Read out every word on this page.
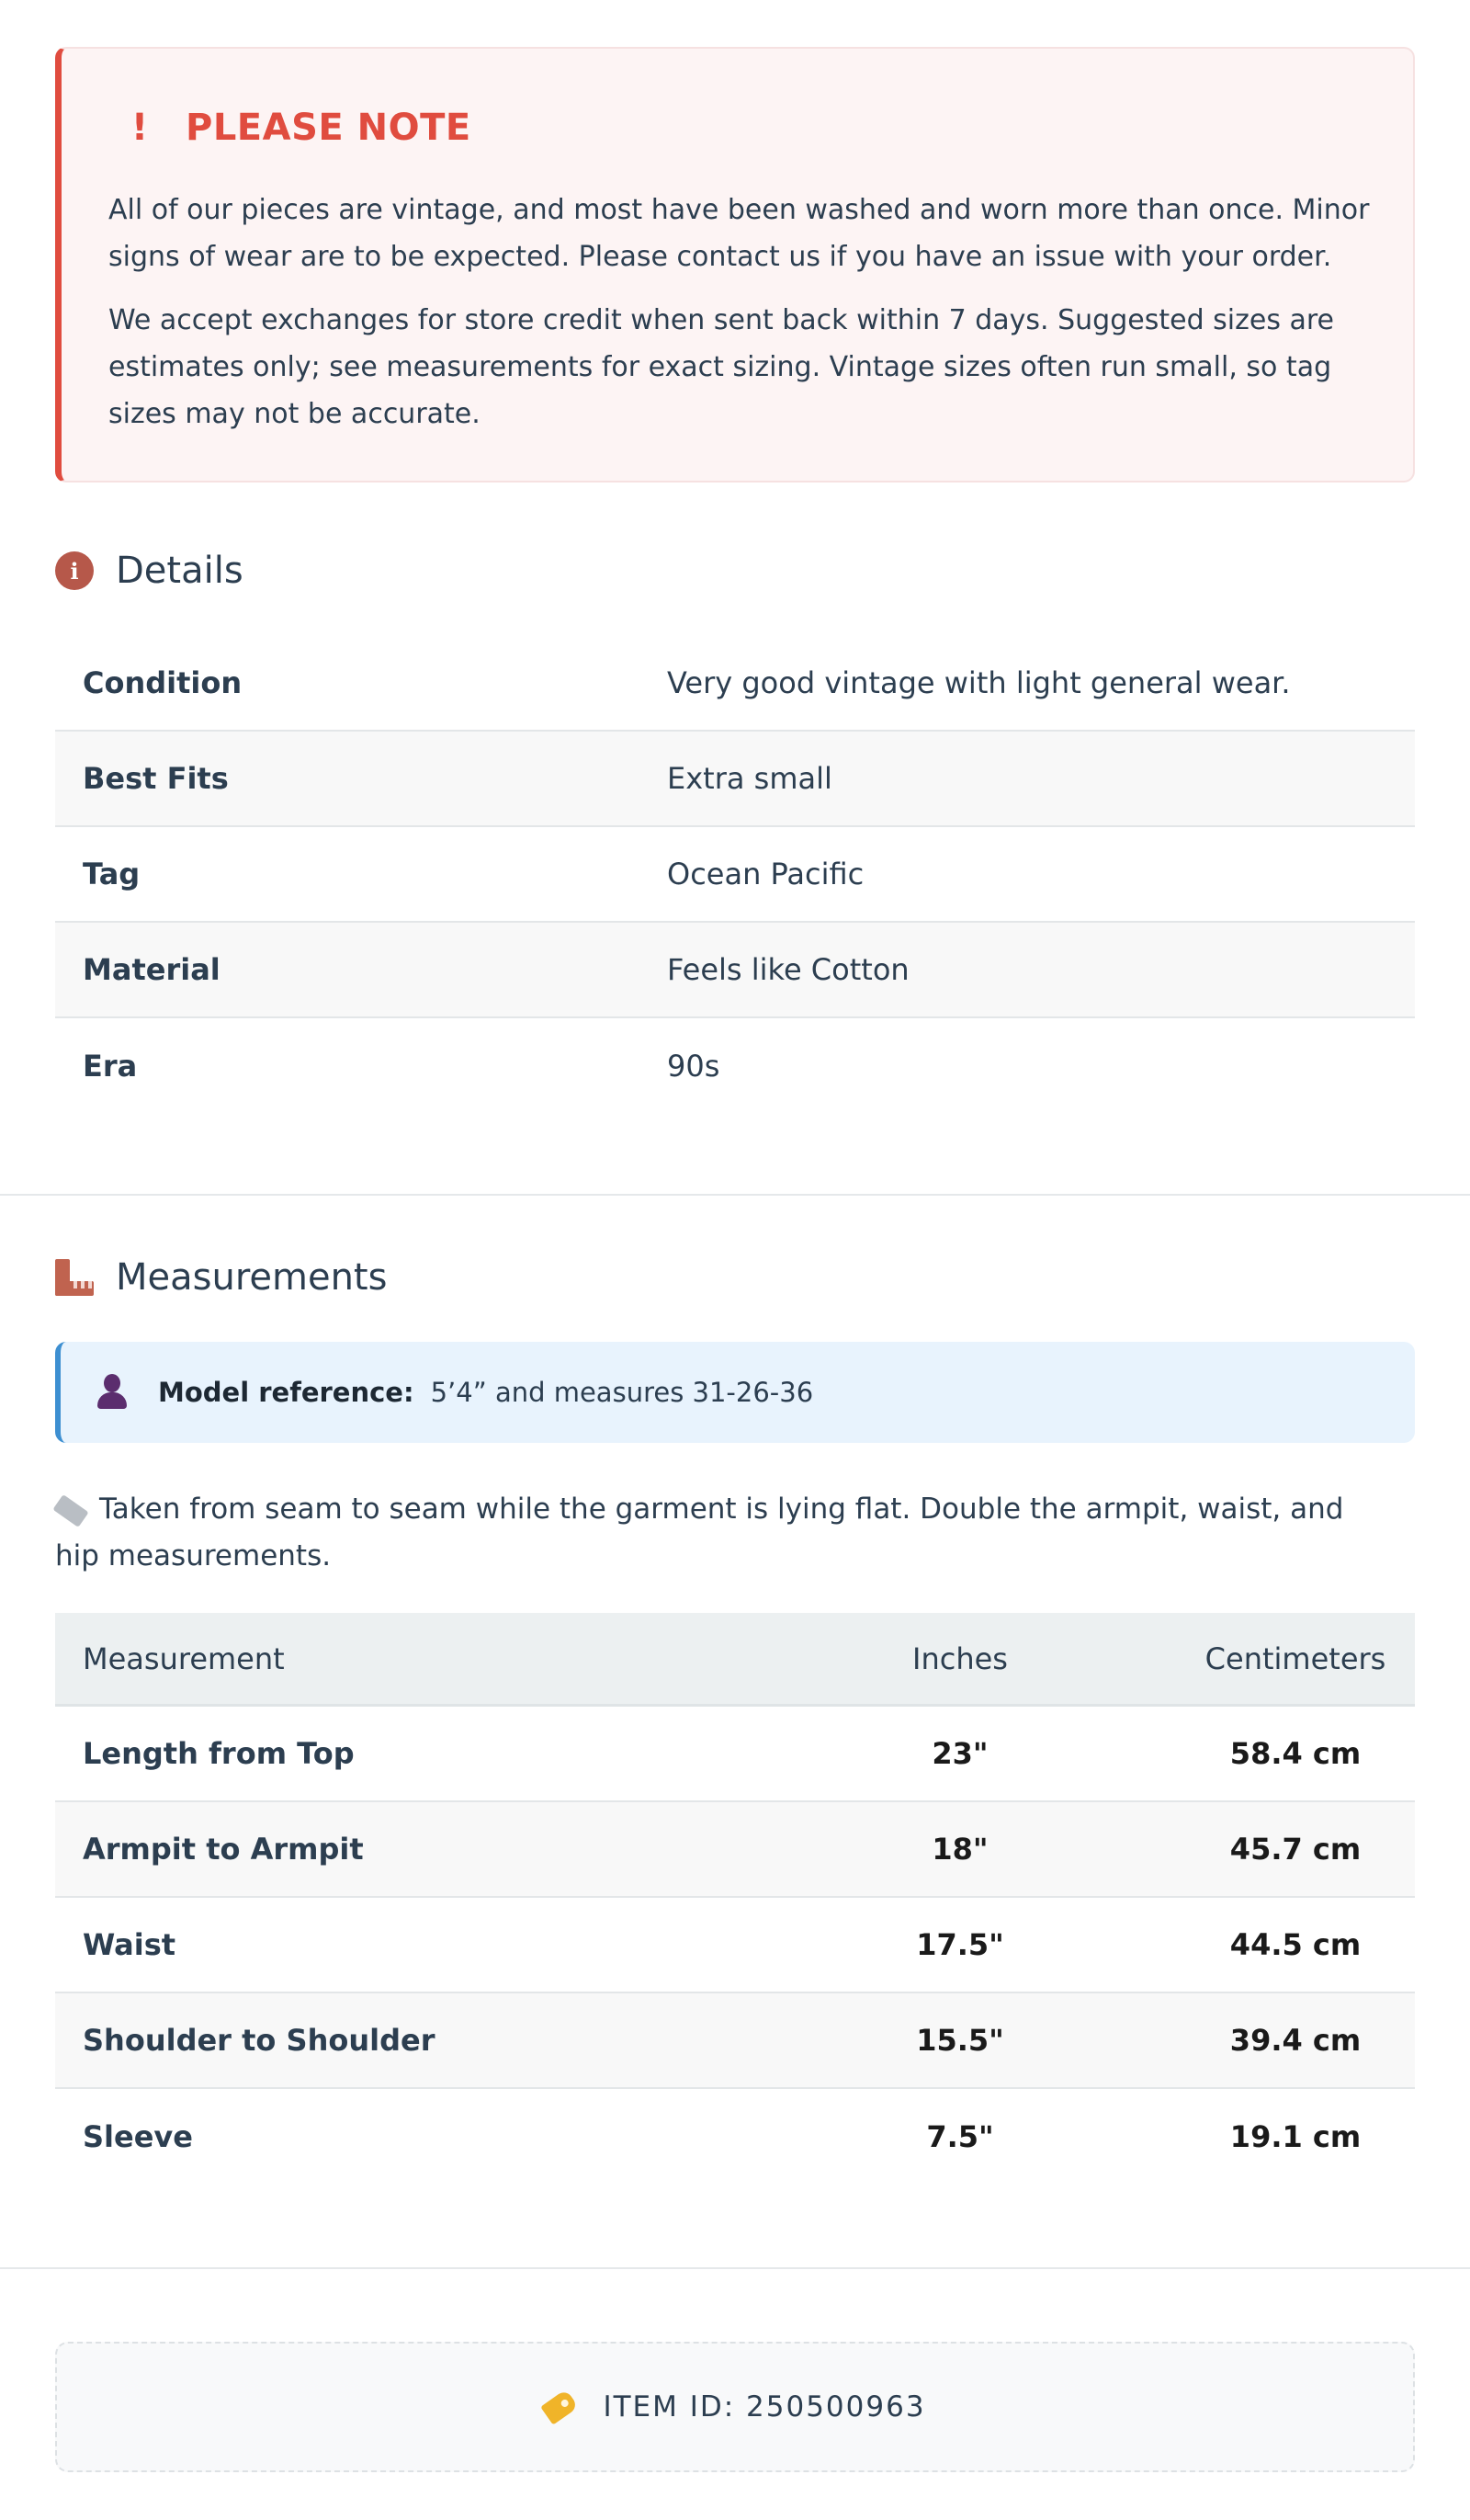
! PLEASE NOTE

All of our pieces are vintage, and most have been washed and worn more than once. Minor signs of wear are to be expected. Please contact us if you have an issue with your order.

We accept exchanges for store credit when sent back within 7 days. Suggested sizes are estimates only; see measurements for exact sizing. Vintage sizes often run small, so tag sizes may not be accurate.

i	Details
Condition	Very good vintage with light general wear.
Best Fits	Extra small
Tag	Ocean Pacific
Material	Feels like Cotton
Era	90s
Measurements
Model reference: 5’4” and measures 31-26-36
Taken from seam to seam while the garment is lying flat. Double the armpit, waist, and hip measurements.
Measurement	Inches	Centimeters
Length from Top	23"	58.4 cm
Armpit to Armpit	18"	45.7 cm
Waist	17.5"	44.5 cm
Shoulder to Shoulder	15.5"	39.4 cm
Sleeve	7.5"	19.1 cm
ITEM ID: 250500963
